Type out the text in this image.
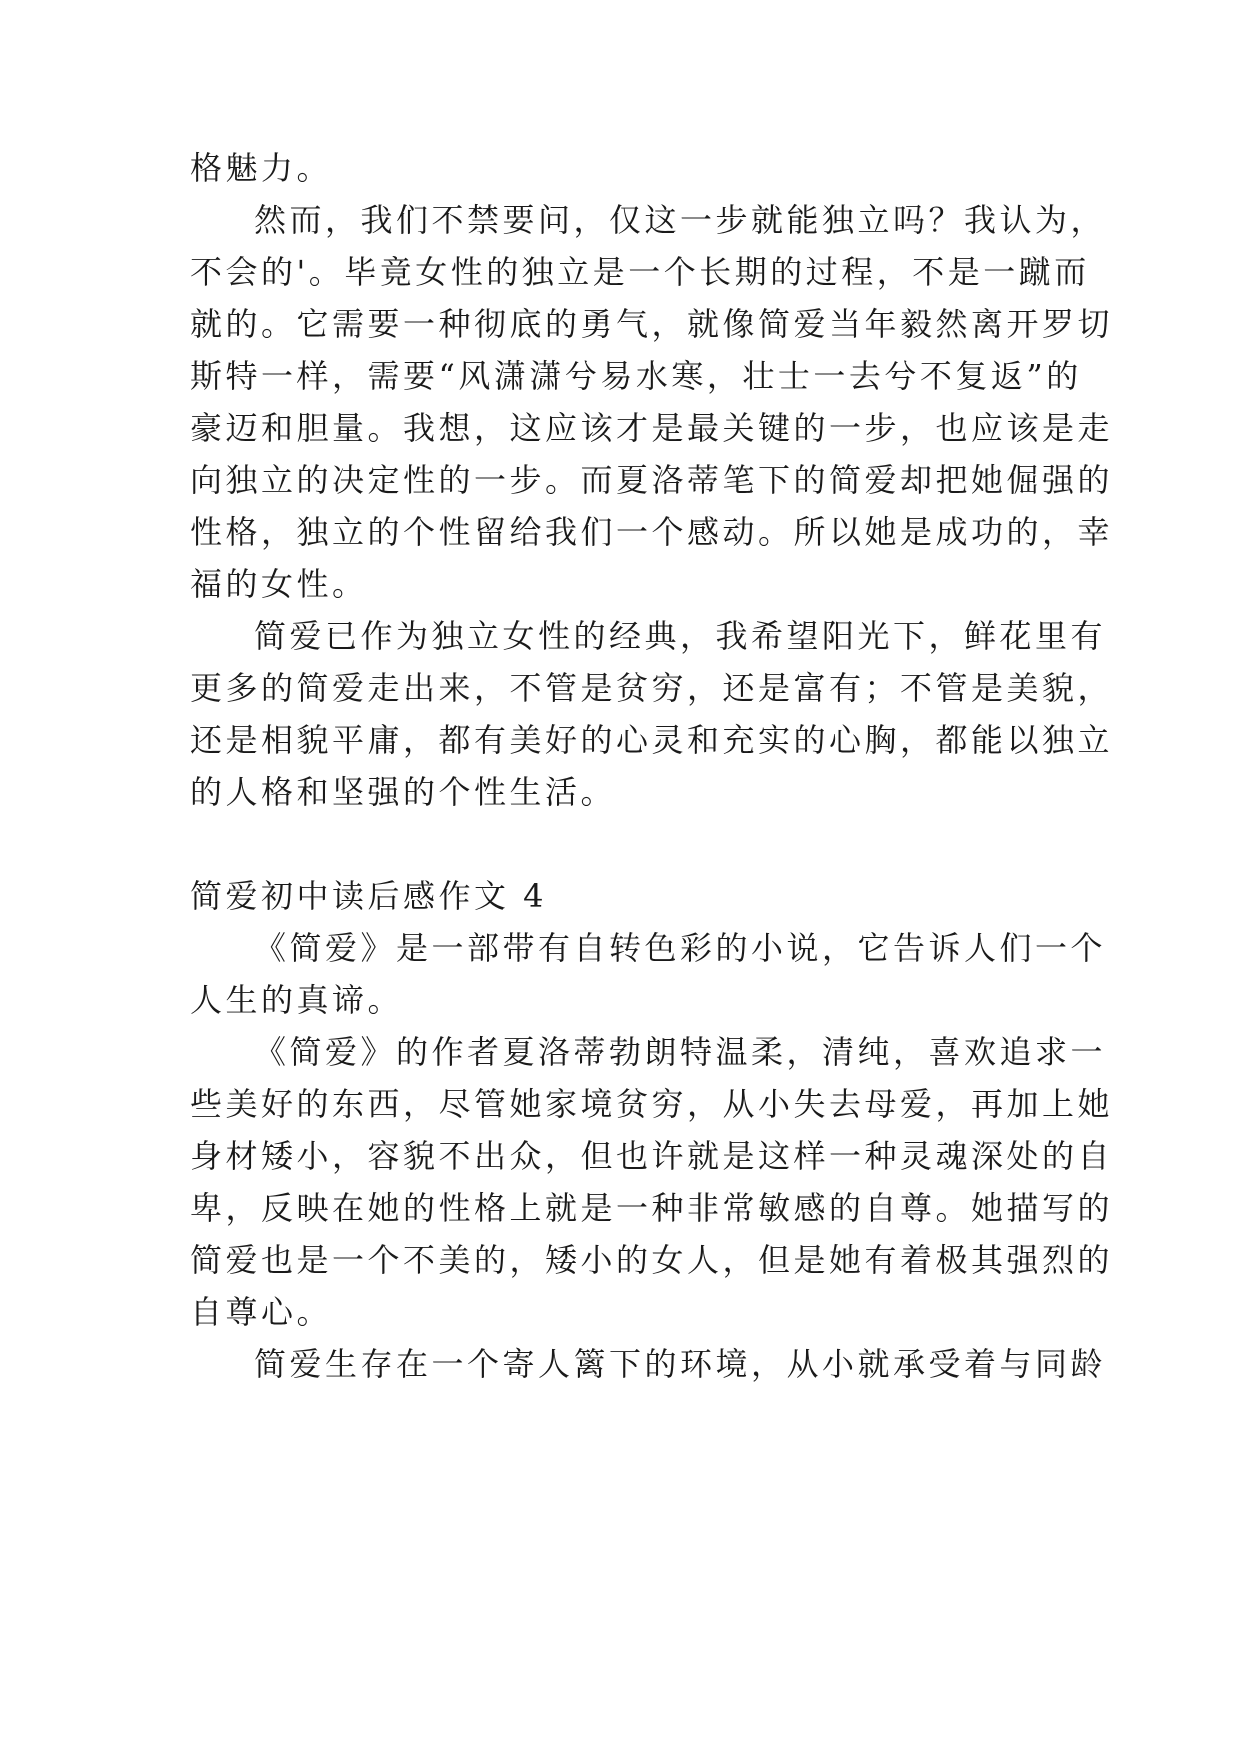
格魅力。
然而，我们不禁要问，仅这一步就能独立吗？我认为，
不会的'。毕竟女性的独立是一个长期的过程，不是一蹴而
就的。它需要一种彻底的勇气，就像简爱当年毅然离开罗切
斯特一样，需要“风潇潇兮易水寒，壮士一去兮不复返”的
豪迈和胆量。我想，这应该才是最关键的一步，也应该是走
向独立的决定性的一步。而夏洛蒂笔下的简爱却把她倔强的
性格，独立的个性留给我们一个感动。所以她是成功的，幸
福的女性。
简爱已作为独立女性的经典，我希望阳光下，鲜花里有
更多的简爱走出来，不管是贫穷，还是富有；不管是美貌，
还是相貌平庸，都有美好的心灵和充实的心胸，都能以独立
的人格和坚强的个性生活。
简爱初中读后感作文 4
《简爱》是一部带有自转色彩的小说，它告诉人们一个
人生的真谛。
《简爱》的作者夏洛蒂勃朗特温柔，清纯，喜欢追求一
些美好的东西，尽管她家境贫穷，从小失去母爱，再加上她
身材矮小，容貌不出众，但也许就是这样一种灵魂深处的自
卑，反映在她的性格上就是一种非常敏感的自尊。她描写的
简爱也是一个不美的，矮小的女人，但是她有着极其强烈的
自尊心。
简爱生存在一个寄人篱下的环境，从小就承受着与同龄
